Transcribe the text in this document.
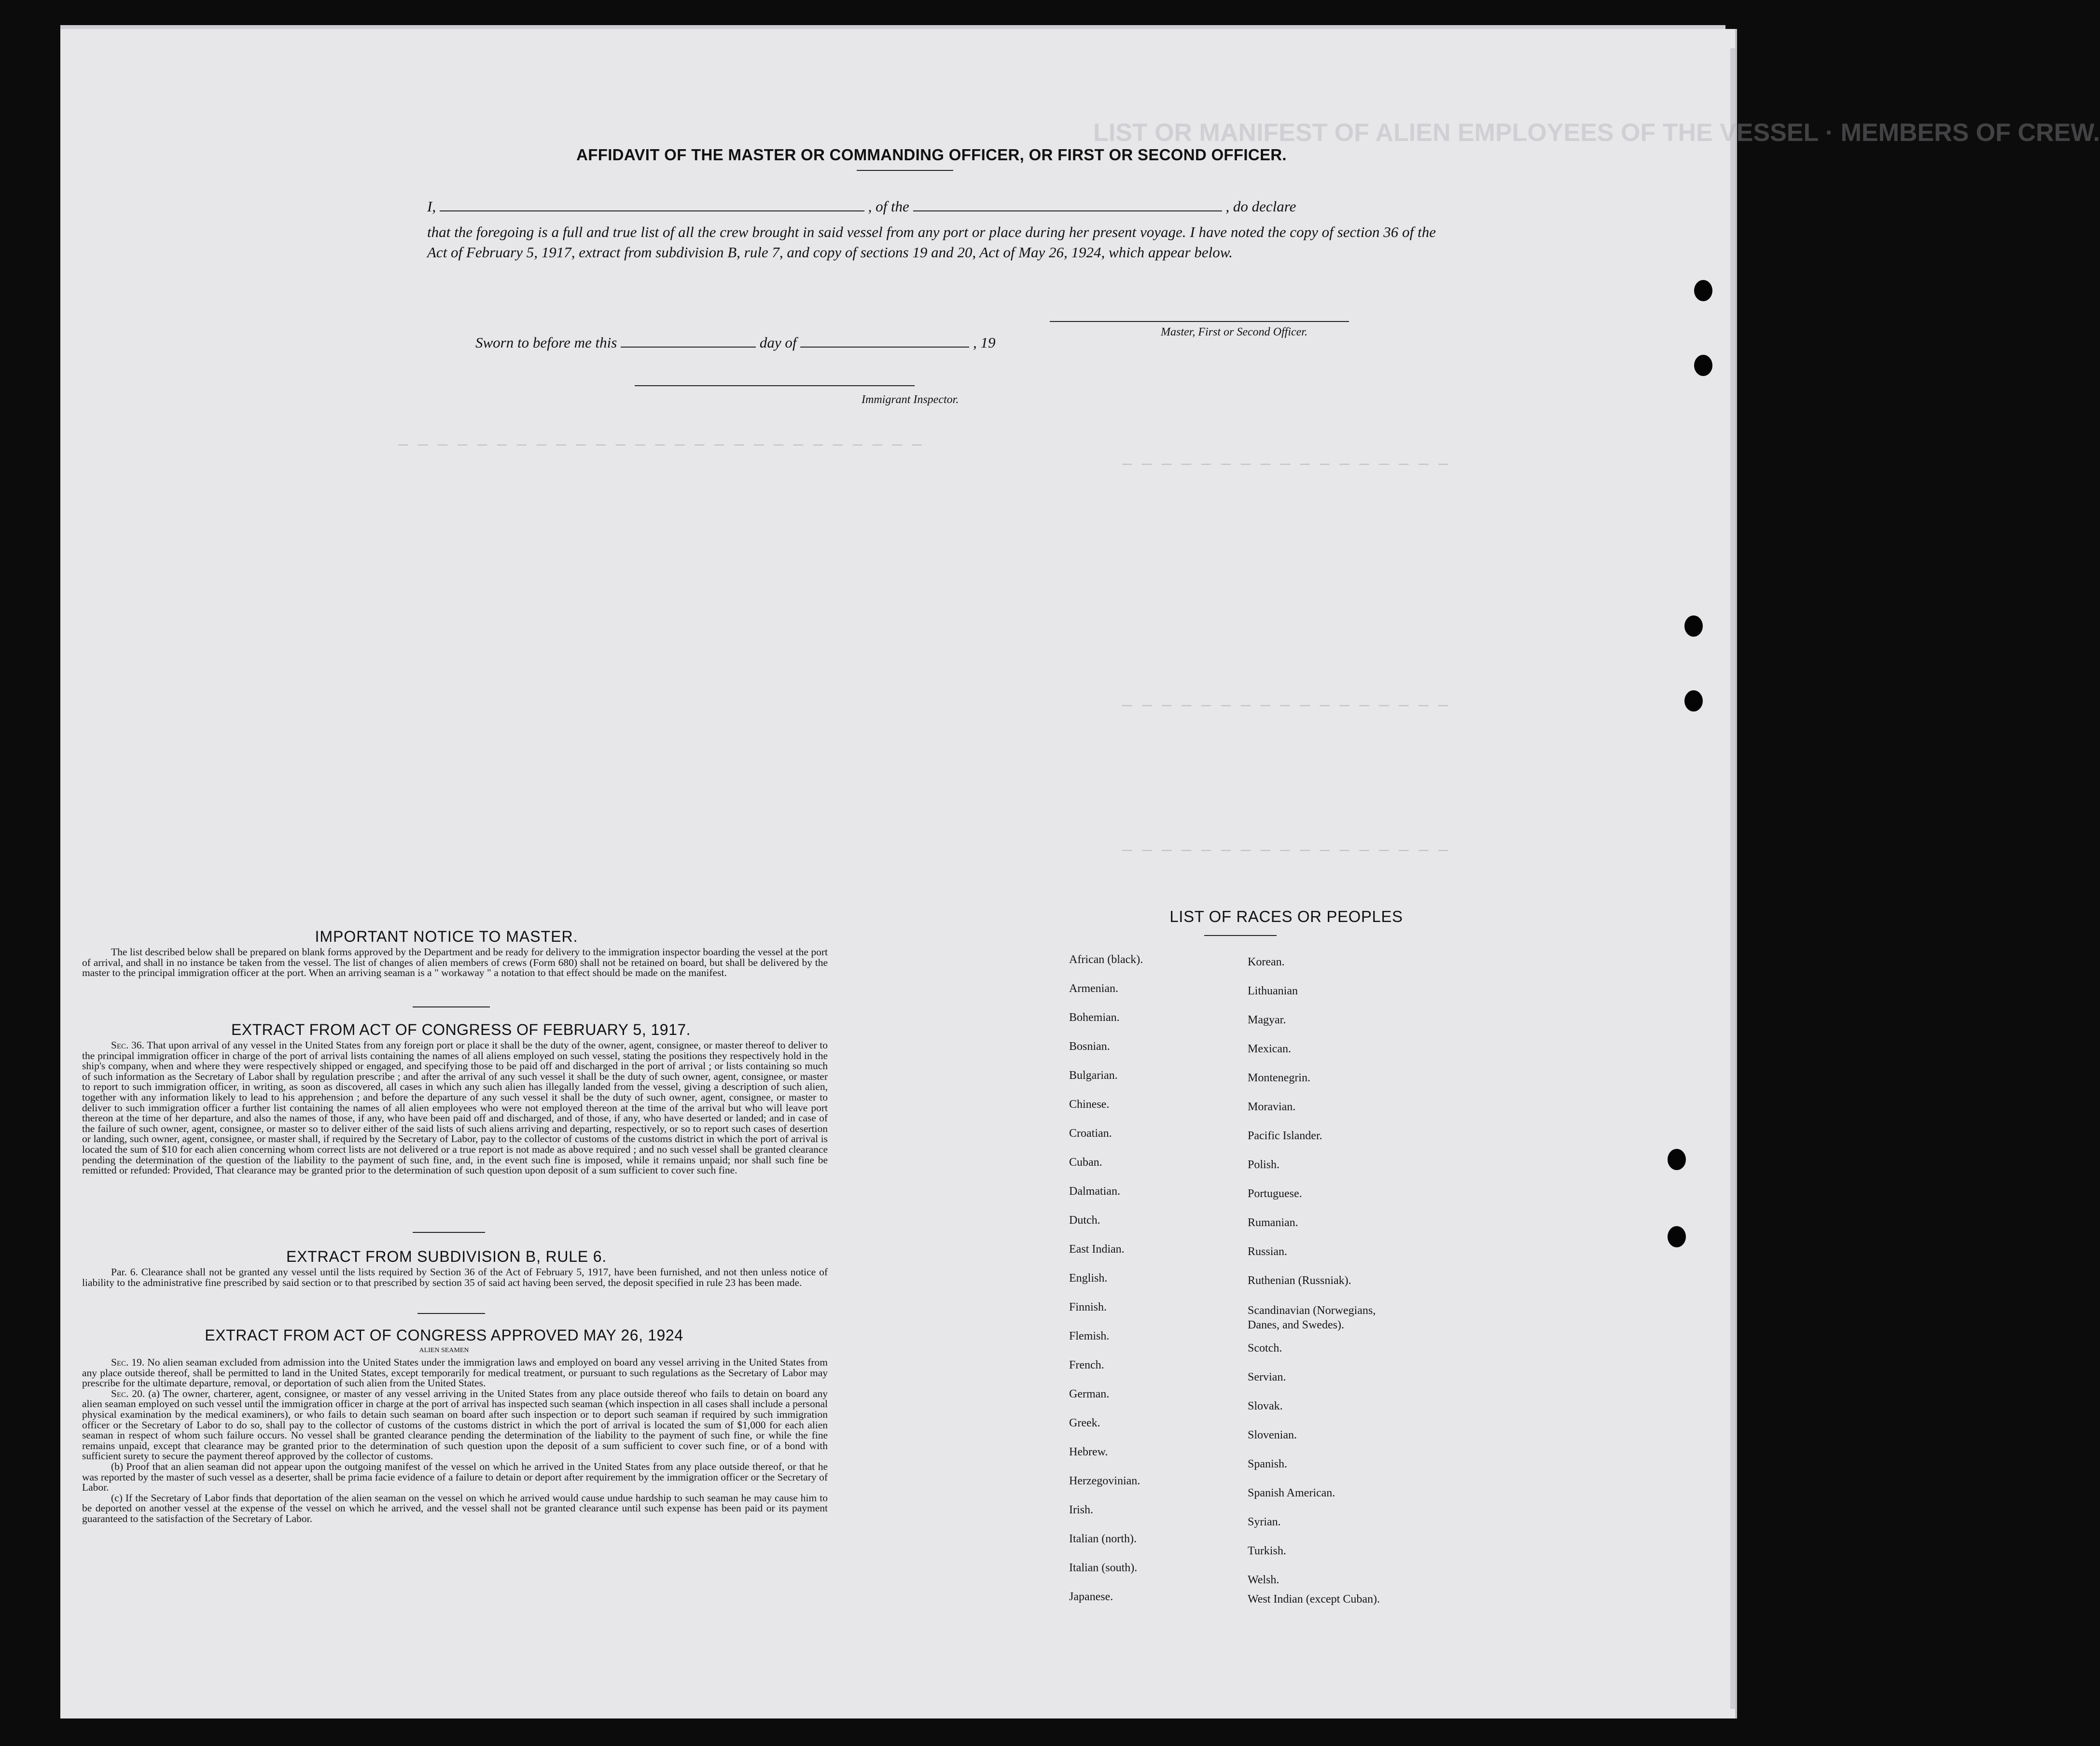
LIST OR MANIFEST OF ALIEN EMPLOYEES OF THE VESSEL · MEMBERS OF CREW.
— — — — — — — — — — — — — — — — — — — — — — — — — — —
— — — — — — — — — — — — — — — — —
— — — — — — — — — — — — — — — — —
— — — — — — — — — — — — — — — — —
AFFIDAVIT OF THE MASTER OR COMMANDING OFFICER, OR FIRST OR SECOND OFFICER.
I,	, of the	, do declare
that the foregoing is a full and true list of all the crew brought in said vessel from any port or place during her present voyage. I have noted the copy of section 36 of the Act of February 5, 1917, extract from subdivision B, rule 7, and copy of sections 19 and 20, Act of May 26, 1924, which appear below.
Master, First or Second Officer.
Sworn to before me this	day of	, 19
Immigrant Inspector.
IMPORTANT NOTICE TO MASTER.

The list described below shall be prepared on blank forms approved by the Department and be ready for delivery to the immigration inspector boarding the vessel at the port of arrival, and shall in no instance be taken from the vessel. The list of changes of alien members of crews (Form 680) shall not be retained on board, but shall be delivered by the master to the principal immigration officer at the port. When an arriving seaman is a " workaway " a notation to that effect should be made on the manifest.

EXTRACT FROM ACT OF CONGRESS OF FEBRUARY 5, 1917.

Sec. 36. That upon arrival of any vessel in the United States from any foreign port or place it shall be the duty of the owner, agent, consignee, or master thereof to deliver to the principal immigration officer in charge of the port of arrival lists containing the names of all aliens employed on such vessel, stating the positions they respectively hold in the ship's company, when and where they were respectively shipped or engaged, and specifying those to be paid off and discharged in the port of arrival ; or lists containing so much of such information as the Secretary of Labor shall by regulation prescribe ; and after the arrival of any such vessel it shall be the duty of such owner, agent, consignee, or master to report to such immigration officer, in writing, as soon as discovered, all cases in which any such alien has illegally landed from the vessel, giving a description of such alien, together with any information likely to lead to his apprehension ; and before the departure of any such vessel it shall be the duty of such owner, agent, consignee, or master to deliver to such immigration officer a further list containing the names of all alien employees who were not employed thereon at the time of the arrival but who will leave port thereon at the time of her departure, and also the names of those, if any, who have been paid off and discharged, and of those, if any, who have deserted or landed; and in case of the failure of such owner, agent, consignee, or master so to deliver either of the said lists of such aliens arriving and departing, respectively, or so to report such cases of desertion or landing, such owner, agent, consignee, or master shall, if required by the Secretary of Labor, pay to the collector of customs of the customs district in which the port of arrival is located the sum of $10 for each alien concerning whom correct lists are not delivered or a true report is not made as above required ; and no such vessel shall be granted clearance pending the determination of the question of the liability to the payment of such fine, and, in the event such fine is imposed, while it remains unpaid; nor shall such fine be remitted or refunded: Provided, That clearance may be granted prior to the determination of such question upon deposit of a sum sufficient to cover such fine.

EXTRACT FROM SUBDIVISION B, RULE 6.

Par. 6. Clearance shall not be granted any vessel until the lists required by Section 36 of the Act of February 5, 1917, have been furnished, and not then unless notice of liability to the administrative fine prescribed by said section or to that prescribed by section 35 of said act having been served, the deposit specified in rule 23 has been made.

EXTRACT FROM ACT OF CONGRESS APPROVED MAY 26, 1924
ALIEN SEAMEN

Sec. 19. No alien seaman excluded from admission into the United States under the immigration laws and employed on board any vessel arriving in the United States from any place outside thereof, shall be permitted to land in the United States, except temporarily for medical treatment, or pursuant to such regulations as the Secretary of Labor may prescribe for the ultimate departure, removal, or deportation of such alien from the United States.

Sec. 20. (a) The owner, charterer, agent, consignee, or master of any vessel arriving in the United States from any place outside thereof who fails to detain on board any alien seaman employed on such vessel until the immigration officer in charge at the port of arrival has inspected such seaman (which inspection in all cases shall include a personal physical examination by the medical examiners), or who fails to detain such seaman on board after such inspection or to deport such seaman if required by such immigration officer or the Secretary of Labor to do so, shall pay to the collector of customs of the customs district in which the port of arrival is located the sum of $1,000 for each alien seaman in respect of whom such failure occurs. No vessel shall be granted clearance pending the determination of the liability to the payment of such fine, or while the fine remains unpaid, except that clearance may be granted prior to the determination of such question upon the deposit of a sum sufficient to cover such fine, or of a bond with sufficient surety to secure the payment thereof approved by the collector of customs.

(b) Proof that an alien seaman did not appear upon the outgoing manifest of the vessel on which he arrived in the United States from any place outside thereof, or that he was reported by the master of such vessel as a deserter, shall be prima facie evidence of a failure to detain or deport after requirement by the immigration officer or the Secretary of Labor.

(c) If the Secretary of Labor finds that deportation of the alien seaman on the vessel on which he arrived would cause undue hardship to such seaman he may cause him to be deported on another vessel at the expense of the vessel on which he arrived, and the vessel shall not be granted clearance until such expense has been paid or its payment guaranteed to the satisfaction of the Secretary of Labor.

LIST OF RACES OR PEOPLES
African (black).
Armenian.
Bohemian.
Bosnian.
Bulgarian.
Chinese.
Croatian.
Cuban.
Dalmatian.
Dutch.
East Indian.
English.
Finnish.
Flemish.
French.
German.
Greek.
Hebrew.
Herzegovinian.
Irish.
Italian (north).
Italian (south).
Japanese.
Korean.
Lithuanian
Magyar.
Mexican.
Montenegrin.
Moravian.
Pacific Islander.
Polish.
Portuguese.
Rumanian.
Russian.
Ruthenian (Russniak).
Scandinavian (Norwegians, Danes, and Swedes).
Scotch.
Servian.
Slovak.
Slovenian.
Spanish.
Spanish American.
Syrian.
Turkish.
Welsh.
West Indian (except Cuban).
